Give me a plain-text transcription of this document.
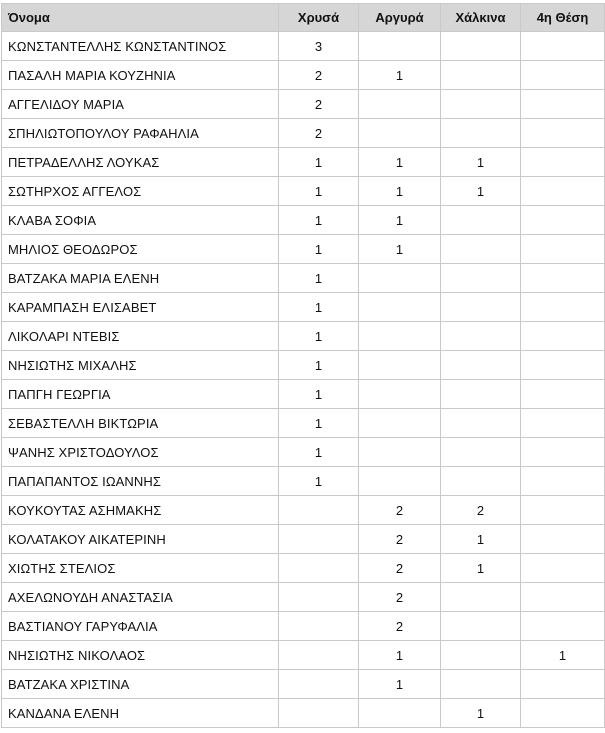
Όνομα	Χρυσά	Αργυρά	Χάλκινα	4η Θέση
ΚΩΝΣΤΑΝΤΕΛΛΗΣ ΚΩΝΣΤΑΝΤΙΝΟΣ	3			
ΠΑΣΑΛΗ ΜΑΡΙΑ ΚΟΥΖΗΝΙΑ	2	1		
ΑΓΓΕΛΙΔΟΥ ΜΑΡΙΑ	2			
ΣΠΗΛΙΩΤΟΠΟΥΛΟΥ ΡΑΦΑΗΛΙΑ	2			
ΠΕΤΡΑΔΕΛΛΗΣ ΛΟΥΚΑΣ	1	1	1	
ΣΩΤΗΡΧΟΣ ΑΓΓΕΛΟΣ	1	1	1	
ΚΛΑΒΑ ΣΟΦΙΑ	1	1		
ΜΗΛΙΟΣ ΘΕΟΔΩΡΟΣ	1	1		
ΒΑΤΖΑΚΑ ΜΑΡΙΑ ΕΛΕΝΗ	1			
ΚΑΡΑΜΠΑΣΗ ΕΛΙΣΑΒΕΤ	1			
ΛΙΚΟΛΑΡΙ ΝΤΕΒΙΣ	1			
ΝΗΣΙΩΤΗΣ ΜΙΧΑΛΗΣ	1			
ΠΑΠΓΗ ΓΕΩΡΓΙΑ	1			
ΣΕΒΑΣΤΕΛΛΗ ΒΙΚΤΩΡΙΑ	1			
ΨΑΝΗΣ ΧΡΙΣΤΟΔΟΥΛΟΣ	1			
ΠΑΠΑΠΑΝΤΟΣ ΙΩΑΝΝΗΣ	1			
ΚΟΥΚΟΥΤΑΣ ΑΣΗΜΑΚΗΣ		2	2	
ΚΟΛΑΤΑΚΟΥ ΑΙΚΑΤΕΡΙΝΗ		2	1	
ΧΙΩΤΗΣ ΣΤΕΛΙΟΣ		2	1	
ΑΧΕΛΩΝΟΥΔΗ ΑΝΑΣΤΑΣΙΑ		2		
ΒΑΣΤΙΑΝΟΥ ΓΑΡΥΦΑΛΙΑ		2		
ΝΗΣΙΩΤΗΣ ΝΙΚΟΛΑΟΣ		1		1
ΒΑΤΖΑΚΑ ΧΡΙΣΤΙΝΑ		1		
ΚΑΝΔΑΝΑ ΕΛΕΝΗ			1	
